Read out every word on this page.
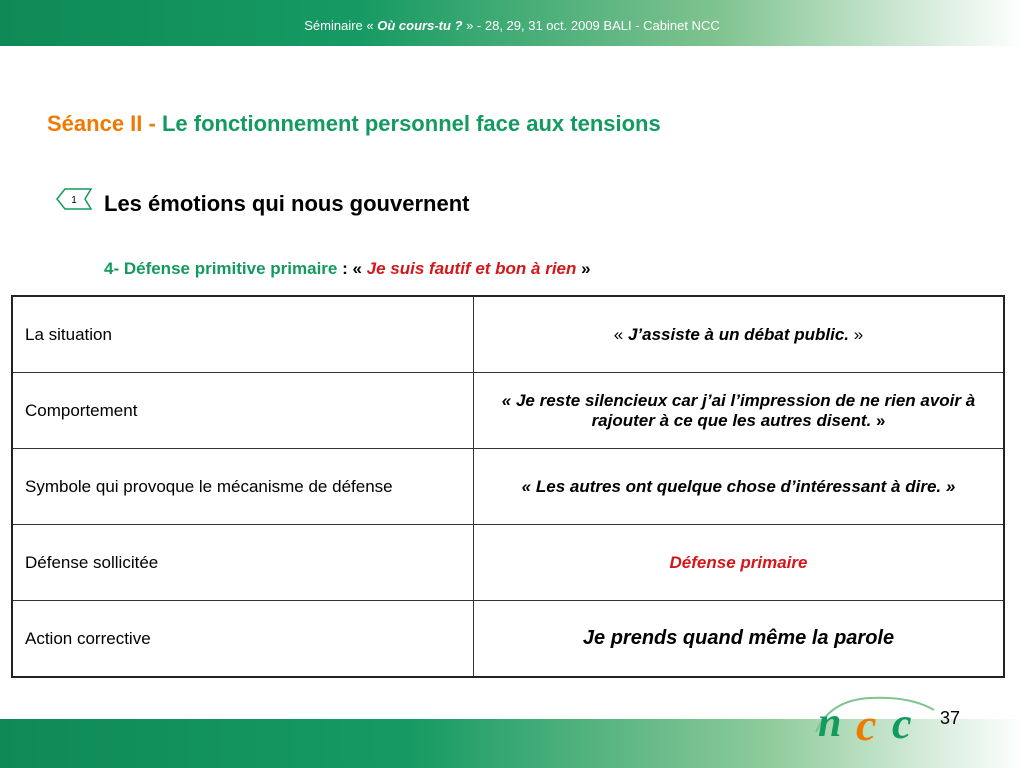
Séminaire « Où cours-tu ? » - 28, 29, 31 oct. 2009 BALI - Cabinet NCC
Séance II - Le fonctionnement personnel face aux tensions
1 Les émotions qui nous gouvernent
4- Défense primitive primaire : « Je suis fautif et bon à rien »
La situation	« J’assiste à un débat public. »
Comportement	« Je reste silencieux car j’ai l’impression de ne rien avoir à rajouter à ce que les autres disent. »
Symbole qui provoque le mécanisme de défense	« Les autres ont quelque chose d’intéressant à dire. »
Défense sollicitée	Défense primaire
Action corrective	Je prends quand même la parole
n c c 37
